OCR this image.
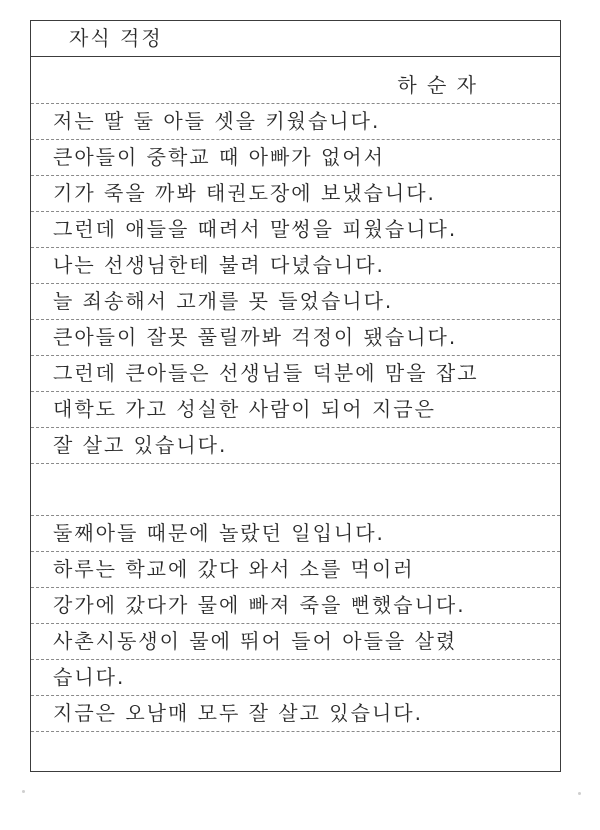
자식 걱정
하 순 자
저는 딸 둘 아들 셋을 키웠습니다.
큰아들이 중학교 때 아빠가 없어서
기가 죽을 까봐 태권도장에 보냈습니다.
그런데 애들을 때려서 말썽을 피웠습니다.
나는 선생님한테 불려 다녔습니다.
늘 죄송해서 고개를 못 들었습니다.
큰아들이 잘못 풀릴까봐 걱정이 됐습니다.
그런데 큰아들은 선생님들 덕분에 맘을 잡고
대학도 가고 성실한 사람이 되어 지금은
잘 살고 있습니다.
둘째아들 때문에 놀랐던 일입니다.
하루는 학교에 갔다 와서 소를 먹이러
강가에 갔다가 물에 빠져 죽을 뻔했습니다.
사촌시동생이 물에 뛰어 들어 아들을 살렸
습니다.
지금은 오남매 모두 잘 살고 있습니다.
